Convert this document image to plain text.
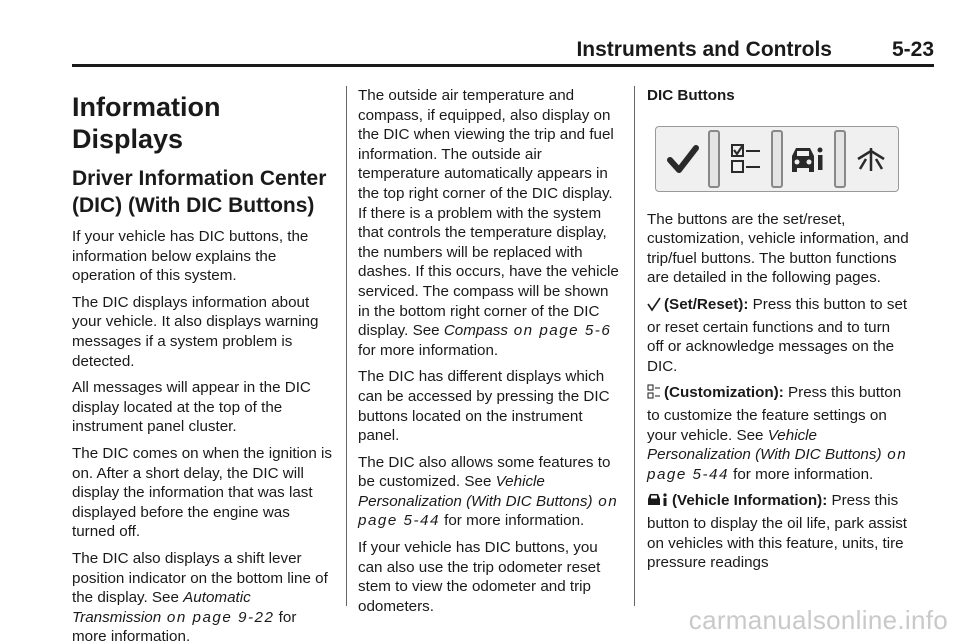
Instruments and Controls	5-23
Information Displays
Driver Information Center (DIC) (With DIC Buttons)

If your vehicle has DIC buttons, the information below explains the operation of this system.

The DIC displays information about your vehicle. It also displays warning messages if a system problem is detected.

All messages will appear in the DIC display located at the top of the instrument panel cluster.

The DIC comes on when the ignition is on. After a short delay, the DIC will display the information that was last displayed before the engine was turned off.

The DIC also displays a shift lever position indicator on the bottom line of the display. See Automatic Transmission on page 9-22 for more information.

The outside air temperature and compass, if equipped, also display on the DIC when viewing the trip and fuel information. The outside air temperature automatically appears in the top right corner of the DIC display. If there is a problem with the system that controls the temperature display, the numbers will be replaced with dashes. If this occurs, have the vehicle serviced. The compass will be shown in the bottom right corner of the DIC display. See Compass on page 5-6 for more information.

The DIC has different displays which can be accessed by pressing the DIC buttons located on the instrument panel.

The DIC also allows some features to be customized. See Vehicle Personalization (With DIC Buttons) on page 5-44 for more information.

If your vehicle has DIC buttons, you can also use the trip odometer reset stem to view the odometer and trip odometers.

DIC Buttons

The buttons are the set/reset, customization, vehicle information, and trip/fuel buttons. The button functions are detailed in the following pages.

(Set/Reset): Press this button to set or reset certain functions and to turn off or acknowledge messages on the DIC.

(Customization): Press this button to customize the feature settings on your vehicle. See Vehicle Personalization (With DIC Buttons) on page 5-44 for more information.

(Vehicle Information): Press this button to display the oil life, park assist on vehicles with this feature, units, tire pressure readings

carmanualsonline.info
